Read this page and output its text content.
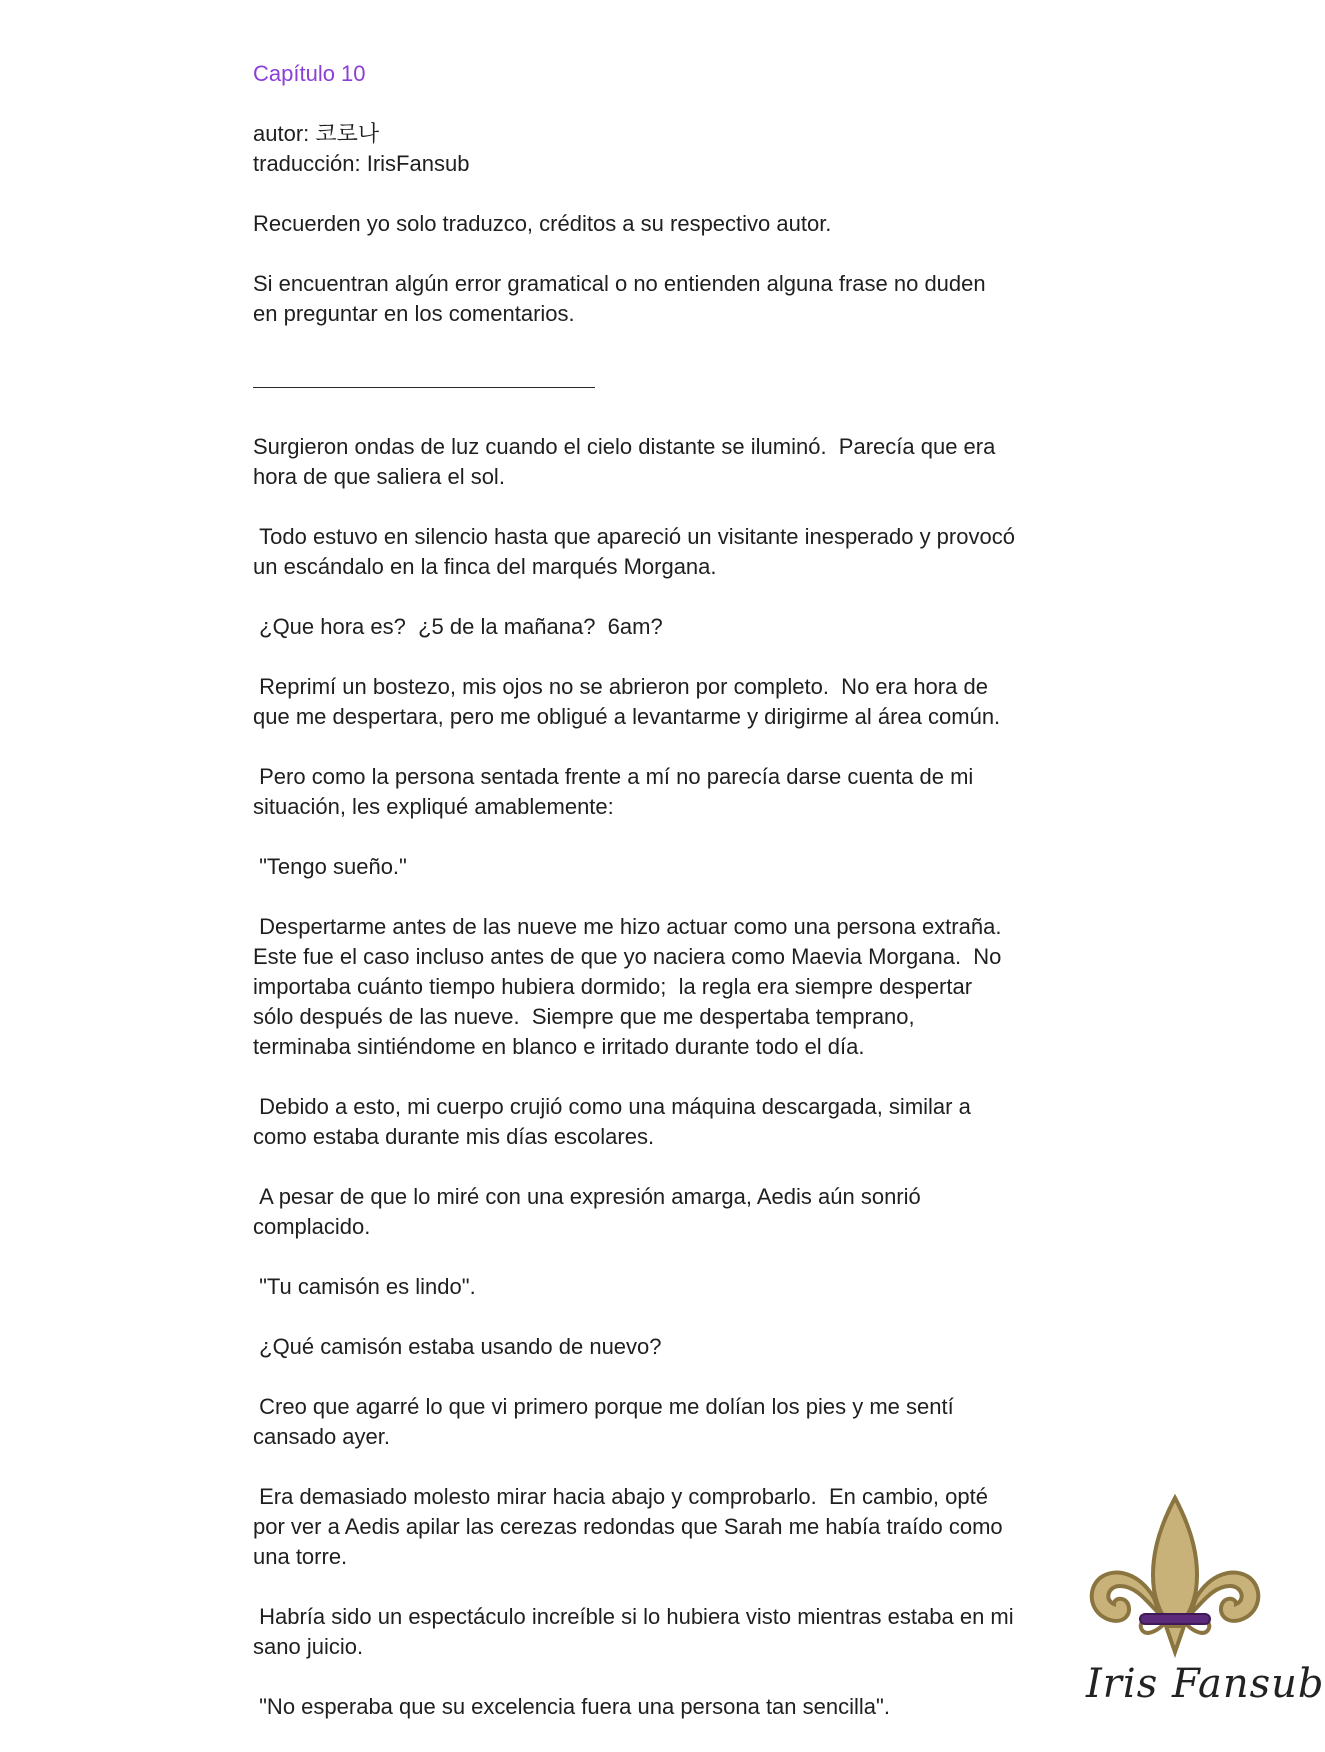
Capítulo 10
autor: 코로나
traducción: IrisFansub
Recuerden yo solo traduzco, créditos a su respectivo autor.
Si encuentran algún error gramatical o no entienden alguna frase no duden
en preguntar en los comentarios.
Surgieron ondas de luz cuando el cielo distante se iluminó.  Parecía que era
hora de que saliera el sol.
Todo estuvo en silencio hasta que apareció un visitante inesperado y provocó
un escándalo en la finca del marqués Morgana.
¿Que hora es?  ¿5 de la mañana?  6am?
Reprimí un bostezo, mis ojos no se abrieron por completo.  No era hora de
que me despertara, pero me obligué a levantarme y dirigirme al área común.
Pero como la persona sentada frente a mí no parecía darse cuenta de mi
situación, les expliqué amablemente:
"Tengo sueño."
Despertarme antes de las nueve me hizo actuar como una persona extraña.
Este fue el caso incluso antes de que yo naciera como Maevia Morgana.  No
importaba cuánto tiempo hubiera dormido;  la regla era siempre despertar
sólo después de las nueve.  Siempre que me despertaba temprano,
terminaba sintiéndome en blanco e irritado durante todo el día.
Debido a esto, mi cuerpo crujió como una máquina descargada, similar a
como estaba durante mis días escolares.
A pesar de que lo miré con una expresión amarga, Aedis aún sonrió
complacido.
"Tu camisón es lindo".
¿Qué camisón estaba usando de nuevo?
Creo que agarré lo que vi primero porque me dolían los pies y me sentí
cansado ayer.
Era demasiado molesto mirar hacia abajo y comprobarlo.  En cambio, opté
por ver a Aedis apilar las cerezas redondas que Sarah me había traído como
una torre.
Habría sido un espectáculo increíble si lo hubiera visto mientras estaba en mi
sano juicio.
"No esperaba que su excelencia fuera una persona tan sencilla".	Iris Fansub
